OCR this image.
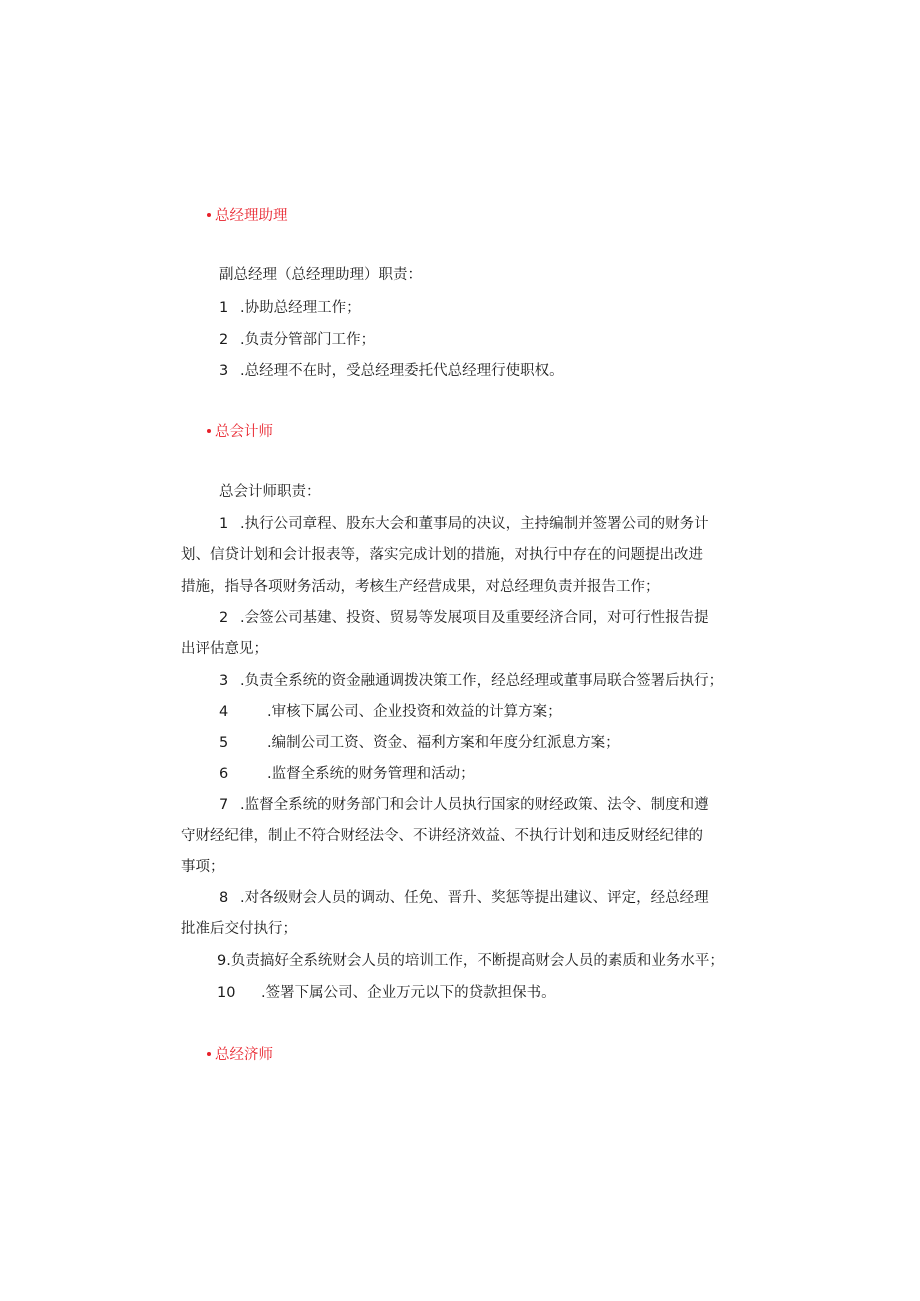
总经理助理
副总经理（总经理助理）职责：
1 .协助总经理工作；
2 .负责分管部门工作；
3 .总经理不在时，受总经理委托代总经理行使职权。
总会计师
总会计师职责：
1 .执行公司章程、股东大会和董事局的决议，主持编制并签署公司的财务计
划、信贷计划和会计报表等，落实完成计划的措施，对执行中存在的问题提出改进
措施，指导各项财务活动，考核生产经营成果，对总经理负责并报告工作；
2 .会签公司基建、投资、贸易等发展项目及重要经济合同，对可行性报告提
出评估意见；
3 .负责全系统的资金融通调拨决策工作，经总经理或董事局联合签署后执行；
4	.审核下属公司、企业投资和效益的计算方案；
5	.编制公司工资、资金、福利方案和年度分红派息方案；
6	.监督全系统的财务管理和活动；
7 .监督全系统的财务部门和会计人员执行国家的财经政策、法令、制度和遵
守财经纪律，制止不符合财经法令、不讲经济效益、不执行计划和违反财经纪律的
事项；
8 .对各级财会人员的调动、任免、晋升、奖惩等提出建议、评定，经总经理
批准后交付执行；
9.负责搞好全系统财会人员的培训工作，不断提高财会人员的素质和业务水平；
10 .签署下属公司、企业万元以下的贷款担保书。
总经济师
